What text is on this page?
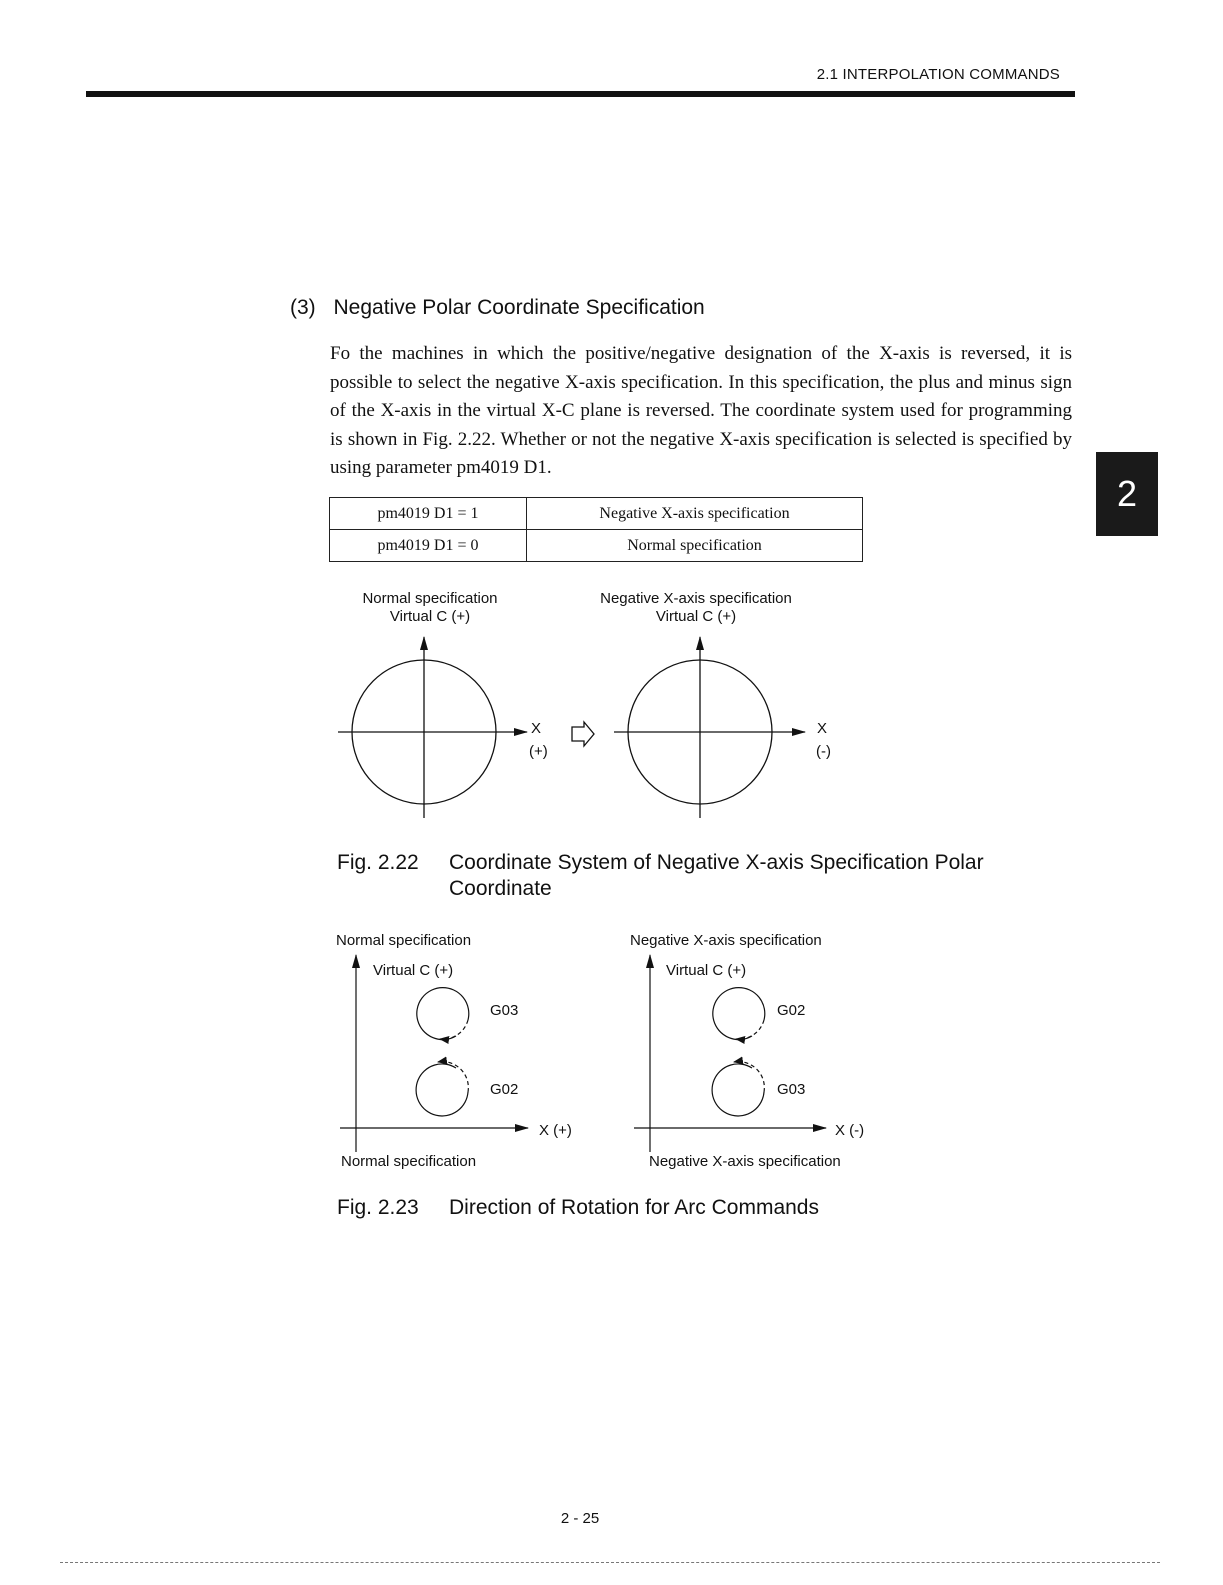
2.1 INTERPOLATION COMMANDS
2
(3) Negative Polar Coordinate Specification
Fo the machines in which the positive/negative designation of the X-axis is reversed, it is possible to select the negative X-axis specification. In this specification, the plus and minus sign of the X-axis in the virtual X-C plane is reversed. The coordinate system used for programming is shown in Fig. 2.22. Whether or not the negative X-axis specification is selected is specified by using parameter pm4019 D1.
pm4019 D1 = 1	Negative X-axis specification
pm4019 D1 = 0	Normal specification
Normal specification
Virtual C (+)
X
(+)
Negative X-axis specification
Virtual C (+)
X
(-)
Fig. 2.22 Coordinate System of Negative X-axis Specification Polar
Coordinate
Normal specification
Virtual C (+)
G03
G02
X (+)
Normal specification
Negative X-axis specification
Virtual C (+)
G02
G03
X (-)
Negative X-axis specification
Fig. 2.23 Direction of Rotation for Arc Commands
2 - 25
